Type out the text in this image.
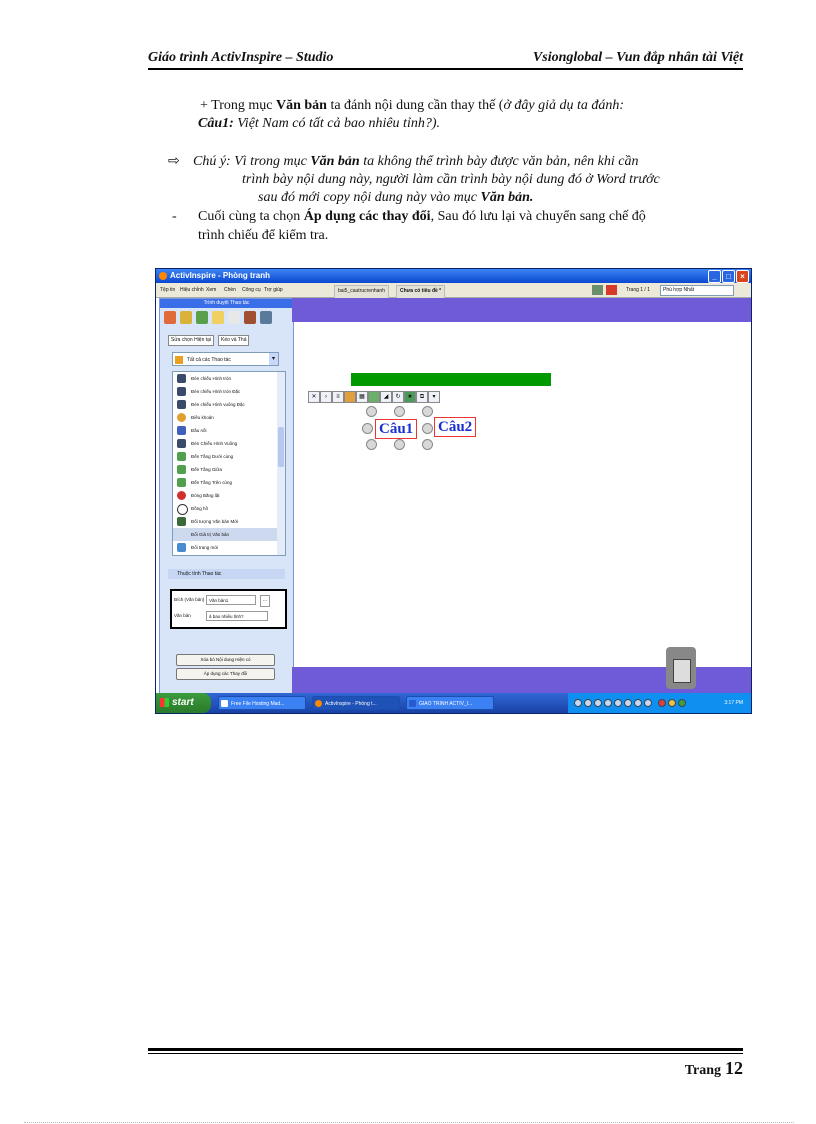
Giáo trình ActivInspire – Studio	Vsionglobal – Vun đắp nhân tài Việt
+ Trong mục Văn bản ta đánh nội dung cần thay thế (ở đây giả dụ ta đánh:
Câu1: Việt Nam có tất cả bao nhiêu tỉnh?).
⇨ Chú ý: Vì trong mục Văn bản ta không thể trình bày được văn bản, nên khi cần
trình bày nội dung này, người làm cần trình bày nội dung đó ở Word trước
sau đó mới copy nội dung này vào mục Văn bản.
- Cuối cùng ta chọn Áp dụng các thay đổi, Sau đó lưu lại và chuyển sang chế độ
trình chiếu để kiểm tra.
ActivInspire - Phòng tranh	_	□	×
Tệp tin Hiệu chỉnh Xem Chèn Công cụ Trợ giúp	bai5_cautrucrenhanh	Chưa có tiêu đề *	Trang 1 / 1	Phù hợp Nhất
Trình duyệt Thao tác
Sửa chọn Hiện tại	Kéo và Thả
Tất cả các Thao tác	▾
Đèn chiếu Hình tròn
Đèn chiếu Hình tròn Đặc
Đèn chiếu Hình vuông Đặc
Điều khoản
Đầu nối
Đèn Chiếu Hình Vuông
Đến Tầng Dưới cùng
Đến Tầng Giữa
Đến Tầng Trên cùng
Đóng Băng lật
Đồng hồ
Đối tượng Văn bản Mới
Đổi Giá trị Văn bản
Đổi trang mới
Thuộc tính Thao tác
Đích (Văn bản)	Văn bản1	…
Văn bản	ả bao nhiêu tỉnh?
Xóa bỏ Nội dung Hiện có
Áp dụng các Thay đổi
✕	›	≡	▦	◢	↻	★	⧉	▾
Câu1 Câu2
start	Free File Hosting Mad...	ActivInspire - Phòng t...	GIAO TRINH ACTIV_I...	3:17 PM
Trang 12
